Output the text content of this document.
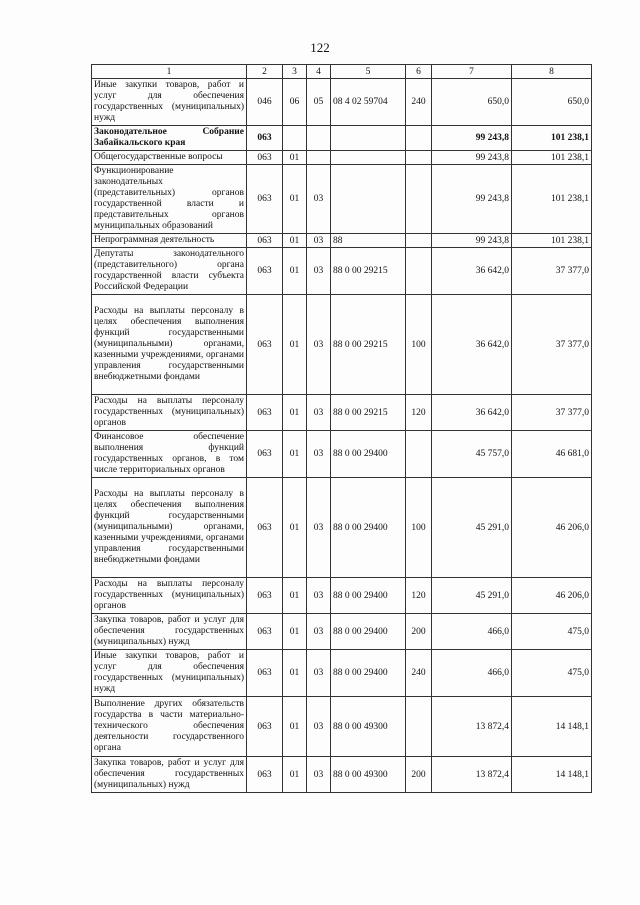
122
1	2	3	4	5	6	7	8
Иные закупки товаров, работ и услуг для обеспечения государственных (муниципальных) нужд	046	06	05	08 4 02 59704	240	650,0	650,0
Законодательное Собрание Забайкальского края	063					99 243,8	101 238,1
Общегосударственные вопросы	063	01				99 243,8	101 238,1
Функционирование законодательных (представительных) органов государственной власти и представительных органов муниципальных образований	063	01	03			99 243,8	101 238,1
Непрограммная деятельность	063	01	03	88		99 243,8	101 238,1
Депутаты законодательного (представительного) органа государственной власти субъекта Российской Федерации	063	01	03	88 0 00 29215		36 642,0	37 377,0
Расходы на выплаты персоналу в целях обеспечения выполнения функций государственными (муниципальными) органами, казенными учреждениями, органами управления государственными внебюджетными фондами	063	01	03	88 0 00 29215	100	36 642,0	37 377,0
Расходы на выплаты персоналу государственных (муниципальных) органов	063	01	03	88 0 00 29215	120	36 642,0	37 377,0
Финансовое обеспечение выполнения функций государственных органов, в том числе территориальных органов	063	01	03	88 0 00 29400		45 757,0	46 681,0
Расходы на выплаты персоналу в целях обеспечения выполнения функций государственными (муниципальными) органами, казенными учреждениями, органами управления государственными внебюджетными фондами	063	01	03	88 0 00 29400	100	45 291,0	46 206,0
Расходы на выплаты персоналу государственных (муниципальных) органов	063	01	03	88 0 00 29400	120	45 291,0	46 206,0
Закупка товаров, работ и услуг для обеспечения государственных (муниципальных) нужд	063	01	03	88 0 00 29400	200	466,0	475,0
Иные закупки товаров, работ и услуг для обеспечения государственных (муниципальных) нужд	063	01	03	88 0 00 29400	240	466,0	475,0
Выполнение других обязательств государства в части материально-технического обеспечения деятельности государственного органа	063	01	03	88 0 00 49300		13 872,4	14 148,1
Закупка товаров, работ и услуг для обеспечения государственных (муниципальных) нужд	063	01	03	88 0 00 49300	200	13 872,4	14 148,1
